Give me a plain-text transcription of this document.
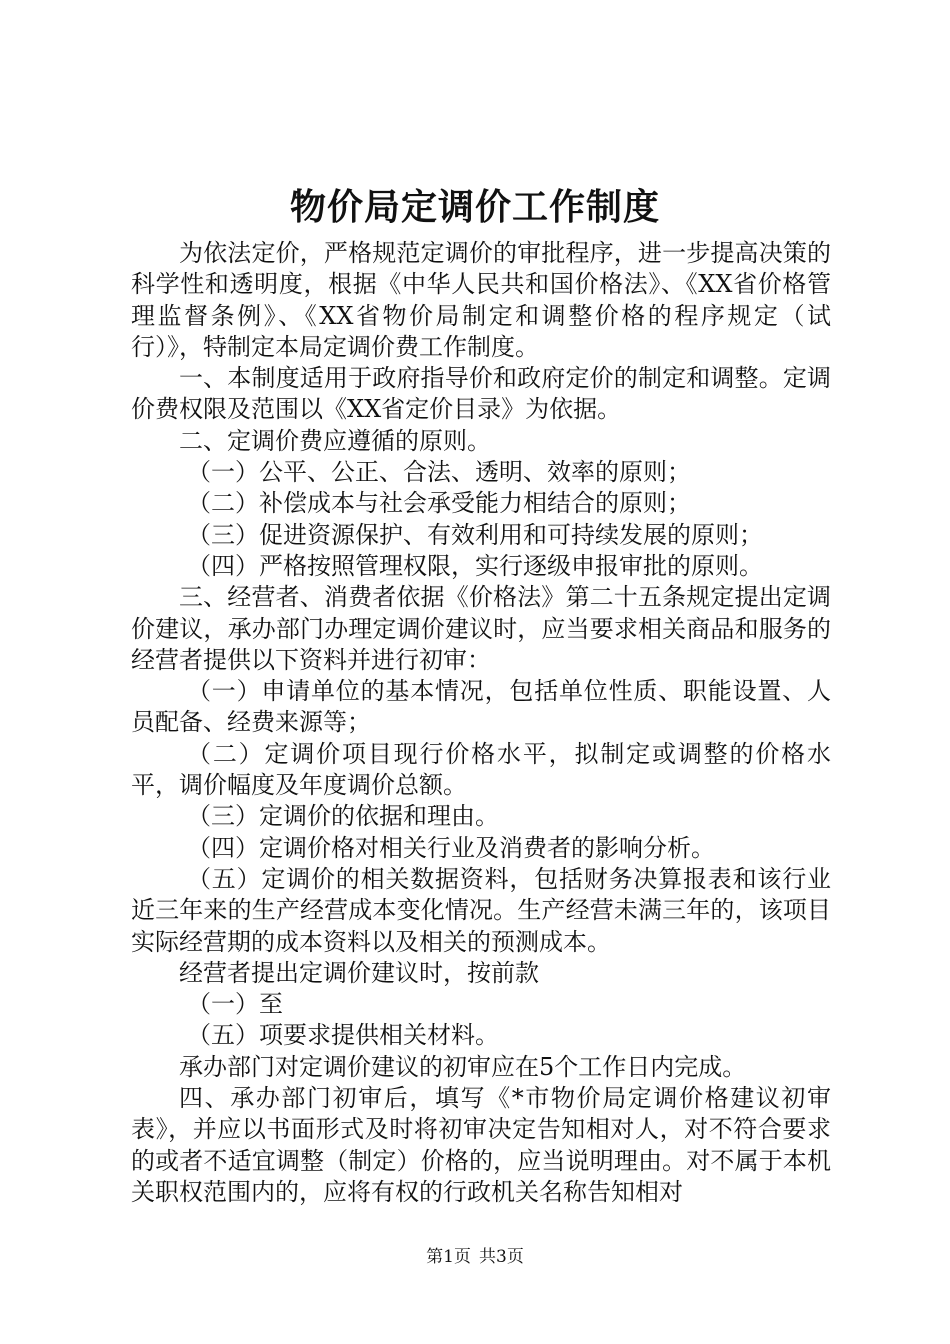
物价局定调价工作制度

为依法定价，严格规范定调价的审批程序，进一步提高决策的科学性和透明度，根据《中华人民共和国价格法》、《XX省价格管理监督条例》、《XX省物价局制定和调整价格的程序规定（试行）》，特制定本局定调价费工作制度。

一、本制度适用于政府指导价和政府定价的制定和调整。定调价费权限及范围以《XX省定价目录》为依据。

二、定调价费应遵循的原则。

（一）公平、公正、合法、透明、效率的原则；

（二）补偿成本与社会承受能力相结合的原则；

（三）促进资源保护、有效利用和可持续发展的原则；

（四）严格按照管理权限，实行逐级申报审批的原则。

三、经营者、消费者依据《价格法》第二十五条规定提出定调价建议，承办部门办理定调价建议时，应当要求相关商品和服务的经营者提供以下资料并进行初审：

（一）申请单位的基本情况，包括单位性质、职能设置、人员配备、经费来源等；

（二）定调价项目现行价格水平，拟制定或调整的价格水平，调价幅度及年度调价总额。

（三）定调价的依据和理由。

（四）定调价格对相关行业及消费者的影响分析。

（五）定调价的相关数据资料，包括财务决算报表和该行业近三年来的生产经营成本变化情况。生产经营未满三年的，该项目实际经营期的成本资料以及相关的预测成本。

经营者提出定调价建议时，按前款

（一）至

（五）项要求提供相关材料。

承办部门对定调价建议的初审应在5个工作日内完成。

四、承办部门初审后，填写《*市物价局定调价格建议初审表》，并应以书面形式及时将初审决定告知相对人，对不符合要求的或者不适宜调整（制定）价格的，应当说明理由。对不属于本机关职权范围内的，应将有权的行政机关名称告知相对

第1页 共3页
